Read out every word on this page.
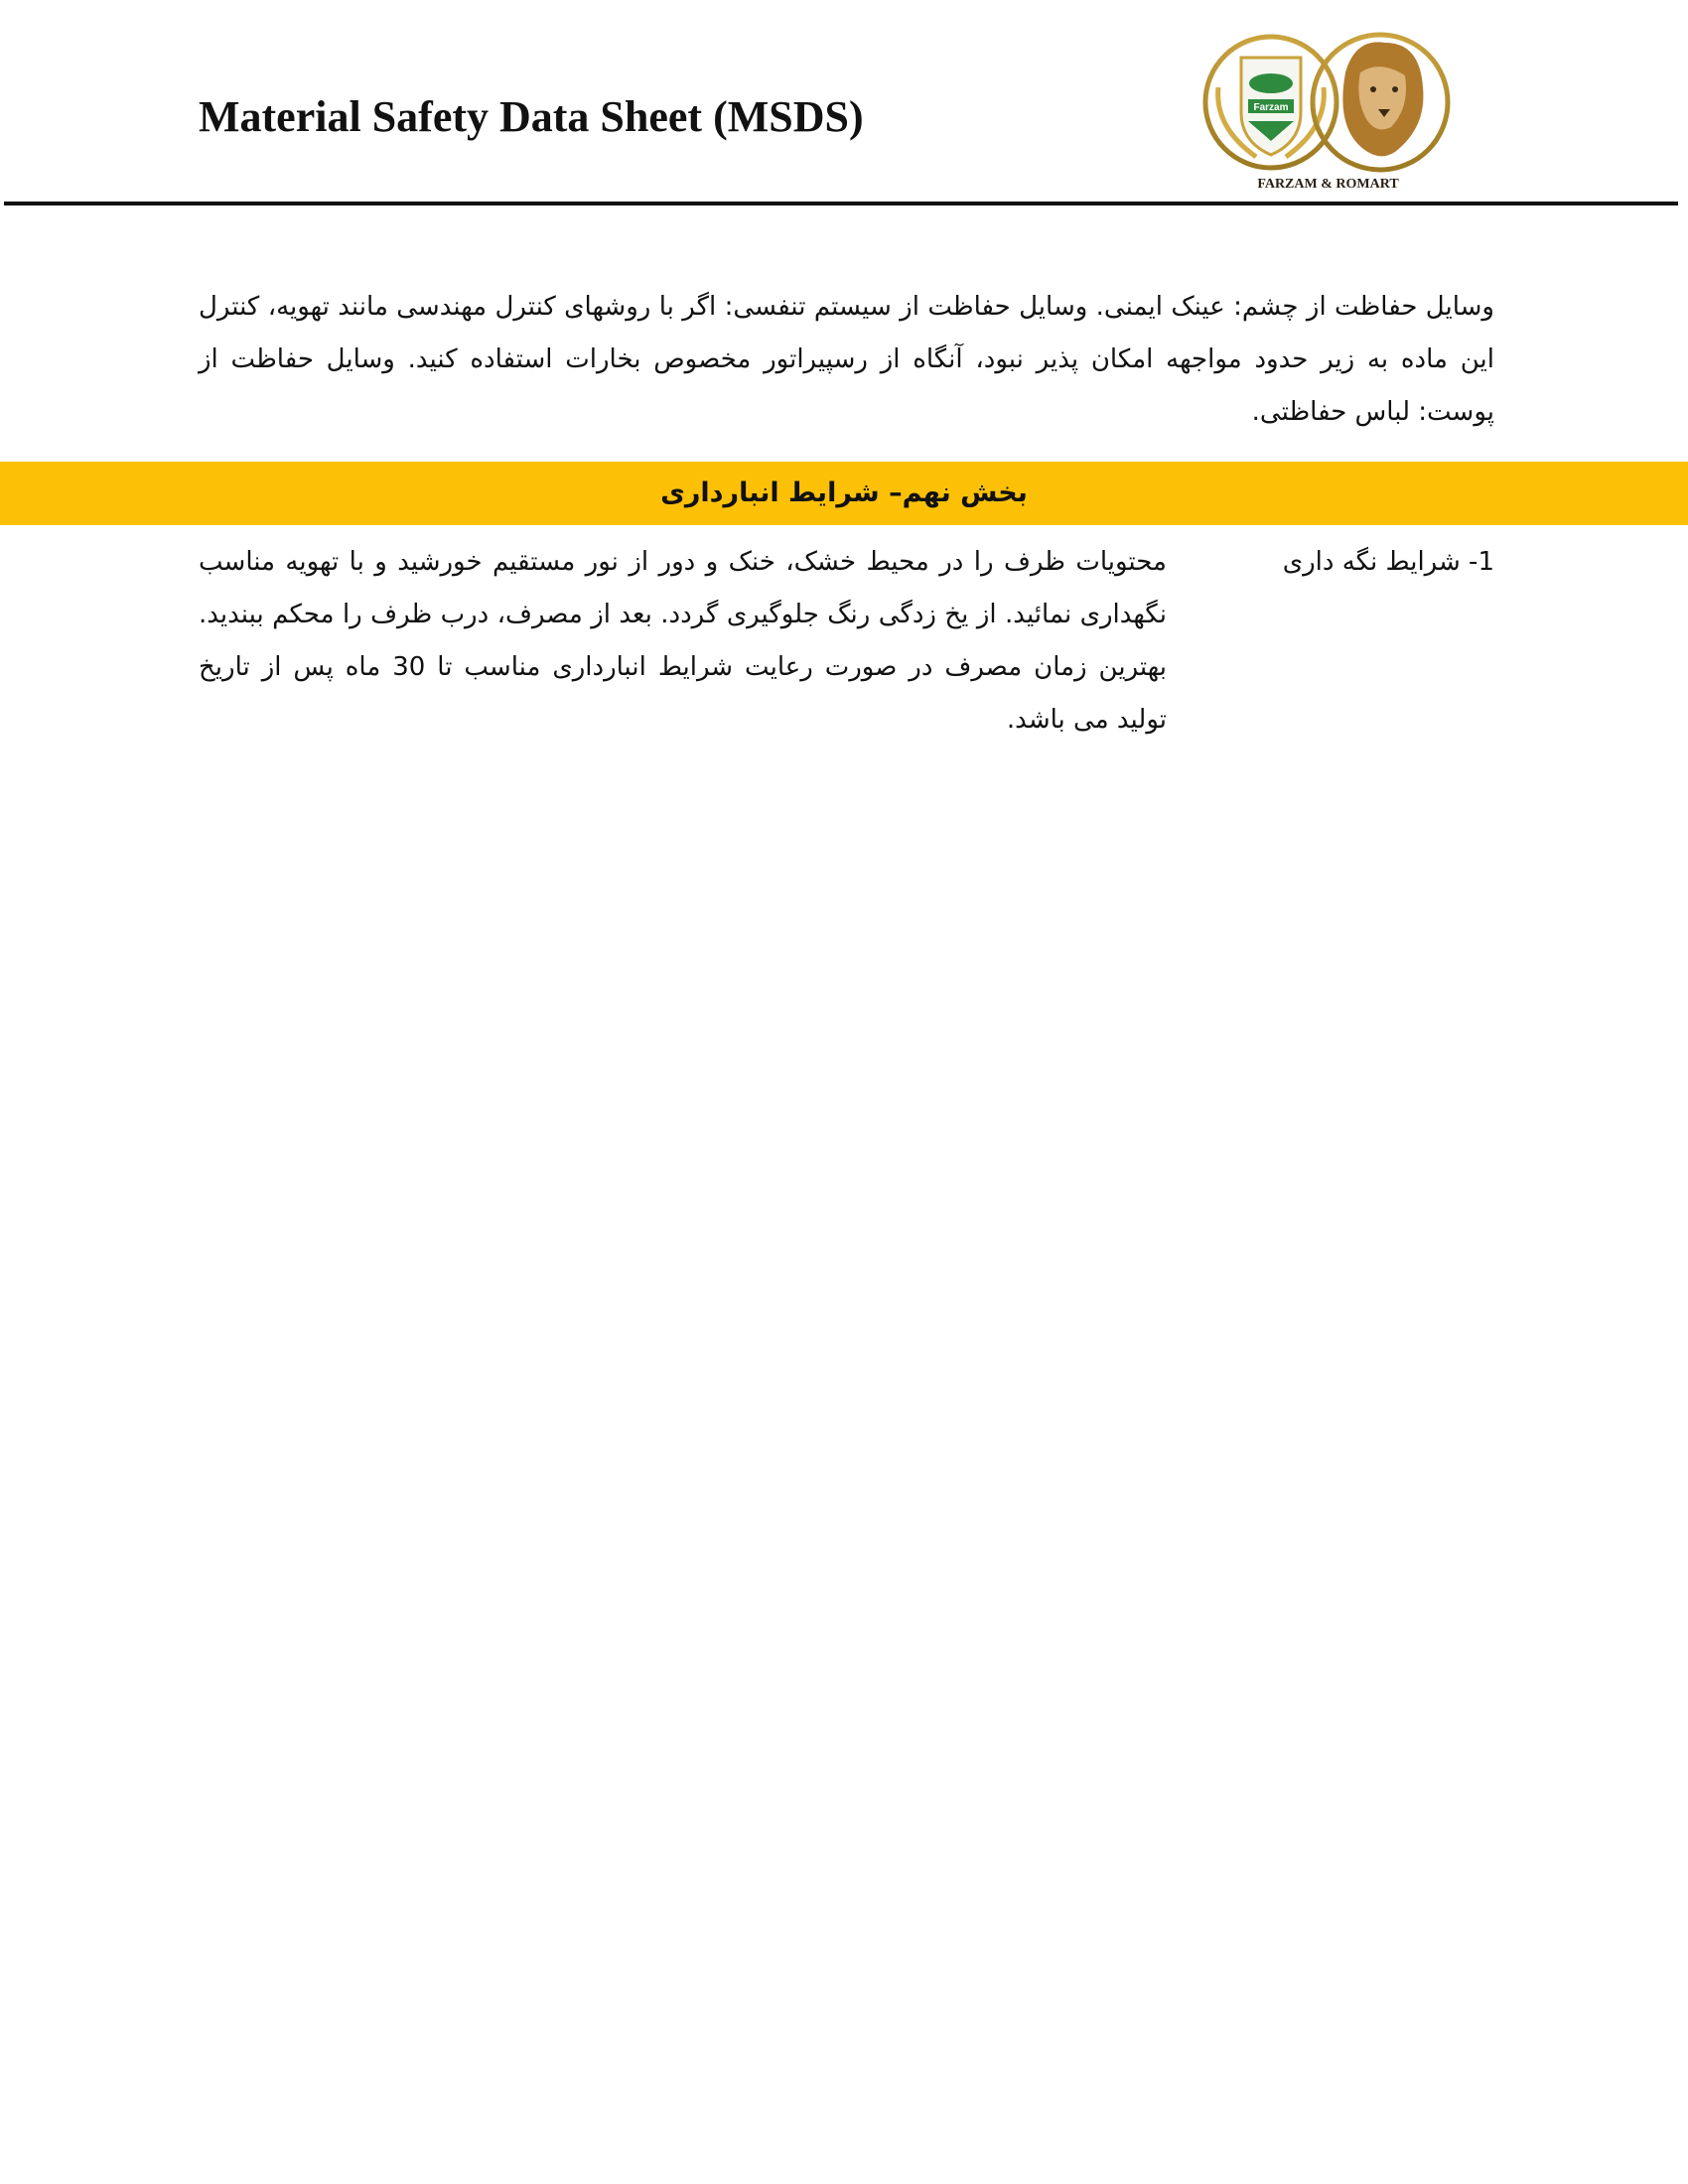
Material Safety Data Sheet (MSDS)	Farzam
FARZAM & ROMART
وسایل حفاظت از چشم: عینک ایمنی. وسایل حفاظت از سیستم تنفسی: اگر با روشهای کنترل مهندسی مانند تهویه، کنترل این ماده به زیر حدود مواجهه امکان پذیر نبود، آنگاه از رسپیراتور مخصوص بخارات استفاده کنید. وسایل حفاظت از پوست: لباس حفاظتی.
بخش نهم– شرایط انبارداری
1- شرایط نگه داری
محتویات ظرف را در محیط خشک، خنک و دور از نور مستقیم خورشید و با تهویه مناسب نگهداری نمائید. از یخ زدگی رنگ جلوگیری گردد. بعد از مصرف، درب ظرف را محکم ببندید. بهترین زمان مصرف در صورت رعایت شرایط انبارداری مناسب تا 30 ماه پس از تاریخ تولید می باشد.
